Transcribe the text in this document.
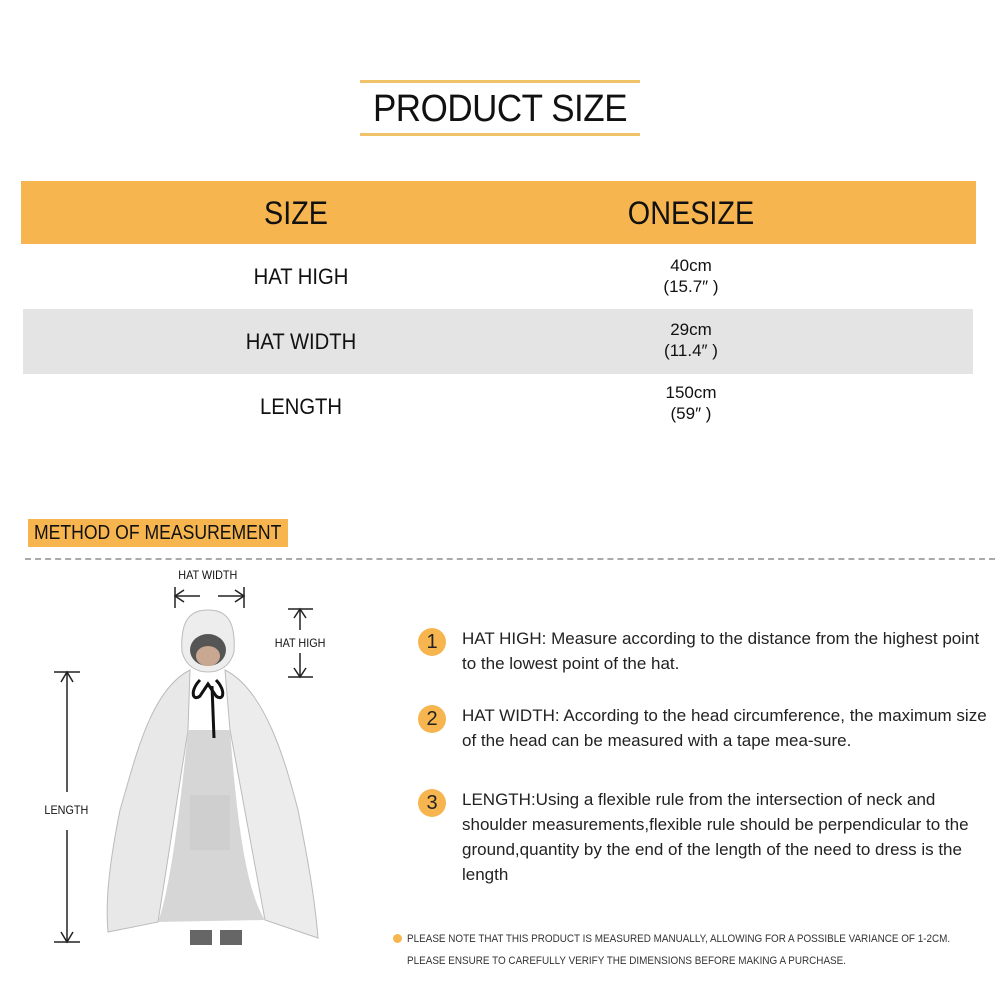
PRODUCT SIZE
SIZE	ONESIZE
HAT HIGH	40cm
(15.7″ )
HAT WIDTH	29cm
(11.4″ )
LENGTH
150cm
(59″ )
METHOD OF MEASUREMENT
HAT WIDTH
HAT HIGH
LENGTH
1	HAT HIGH: Measure according to the distance from the highest point to the lowest point of the hat.
2	HAT WIDTH: According to the head circumference, the maximum size of the head can be measured with a tape mea-sure.
3	LENGTH:Using a flexible rule from the intersection of neck and shoulder measurements,flexible rule should be perpendicular to the ground,quantity by the end of the length of the need to dress is the length

PLEASE NOTE THAT THIS PRODUCT IS MEASURED MANUALLY, ALLOWING FOR A POSSIBLE VARIANCE OF 1-2CM.

PLEASE ENSURE TO CAREFULLY VERIFY THE DIMENSIONS BEFORE MAKING A PURCHASE.
